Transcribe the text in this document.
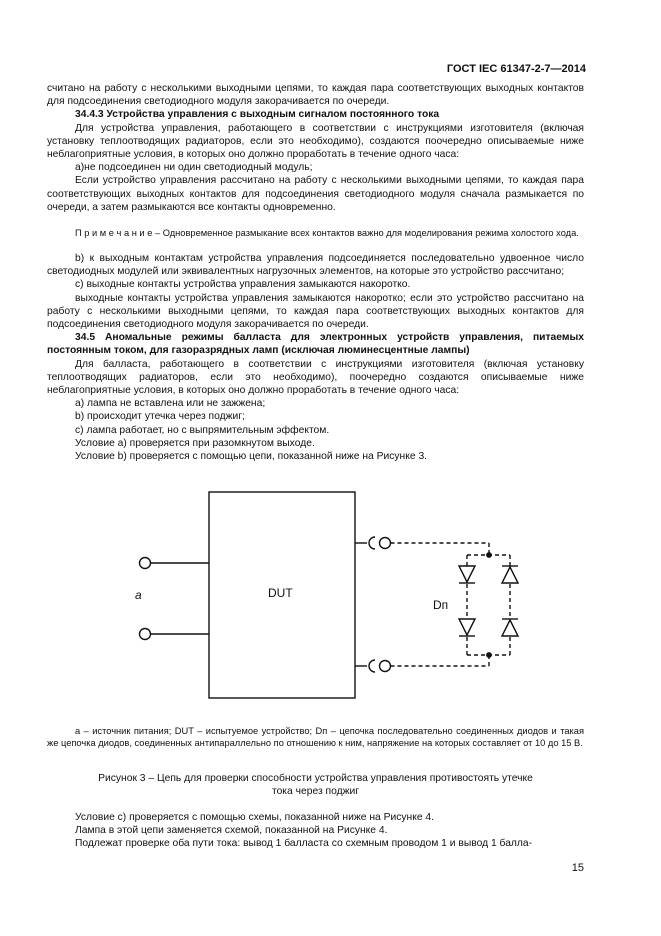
ГОСТ IEC 61347-2-7—2014

считано на работу с несколькими выходными цепями, то каждая пара соответствующих выходных контактов для подсоединения светодиодного модуля закорачивается по очереди.

34.4.3 Устройства управления с выходным сигналом постоянного тока

Для устройства управления, работающего в соответствии с инструкциями изготовителя (включая установку теплоотводящих радиаторов, если это необходимо), создаются поочередно описываемые ниже неблагоприятные условия, в которых оно должно проработать в течение одного часа:

а)не подсоединен ни один светодиодный модуль;

Если устройство управления рассчитано на работу с несколькими выходными цепями, то каждая пара соответствующих выходных контактов для подсоединения светодиодного модуля сначала размыкается по очереди, а затем размыкаются все контакты одновременно.

П р и м е ч а н и е – Одновременное размыкание всех контактов важно для моделирования режима холостого хода.

b) к выходным контактам устройства управления подсоединяется последовательно удвоенное число светодиодных модулей или эквивалентных нагрузочных элементов, на которые это устройство рассчитано;

c) выходные контакты устройства управления замыкаются накоротко.

выходные контакты устройства управления замыкаются накоротко; если это устройство рассчитано на работу с несколькими выходными цепями, то каждая пара соответствующих выходных контактов для подсоединения светодиодного модуля закорачивается по очереди.

34.5 Аномальные режимы балласта для электронных устройств управления, питаемых постоянным током, для газоразрядных ламп (исключая люминесцентные лампы)

Для балласта, работающего в соответствии с инструкциями изготовителя (включая установку теплоотводящих радиаторов, если это необходимо), поочередно создаются описываемые ниже неблагоприятные условия, в которых оно должно проработать в течение одного часа:

а) лампа не вставлена или не зажжена;

b) происходит утечка через поджиг;

c) лампа работает, но с выпрямительным эффектом.

Условие а) проверяется при разомкнутом выходе.

Условие b) проверяется с помощью цепи, показанной ниже на Рисунке 3.

DUT
a
Dп

а – источник питания; DUT – испытуемое устройство; Dп – цепочка последовательно соединенных диодов и такая же цепочка диодов, соединенных антипараллельно по отношению к ним, напряжение на которых составляет от 10 до 15 В.

Рисунок 3 – Цепь для проверки способности устройства управления противостоять утечке
тока через поджиг

Условие c) проверяется с помощью схемы, показанной ниже на Рисунке 4.

Лампа в этой цепи заменяется схемой, показанной на Рисунке 4.

Подлежат проверке оба пути тока: вывод 1 балласта со схемным проводом 1 и вывод 1 балла-

15
